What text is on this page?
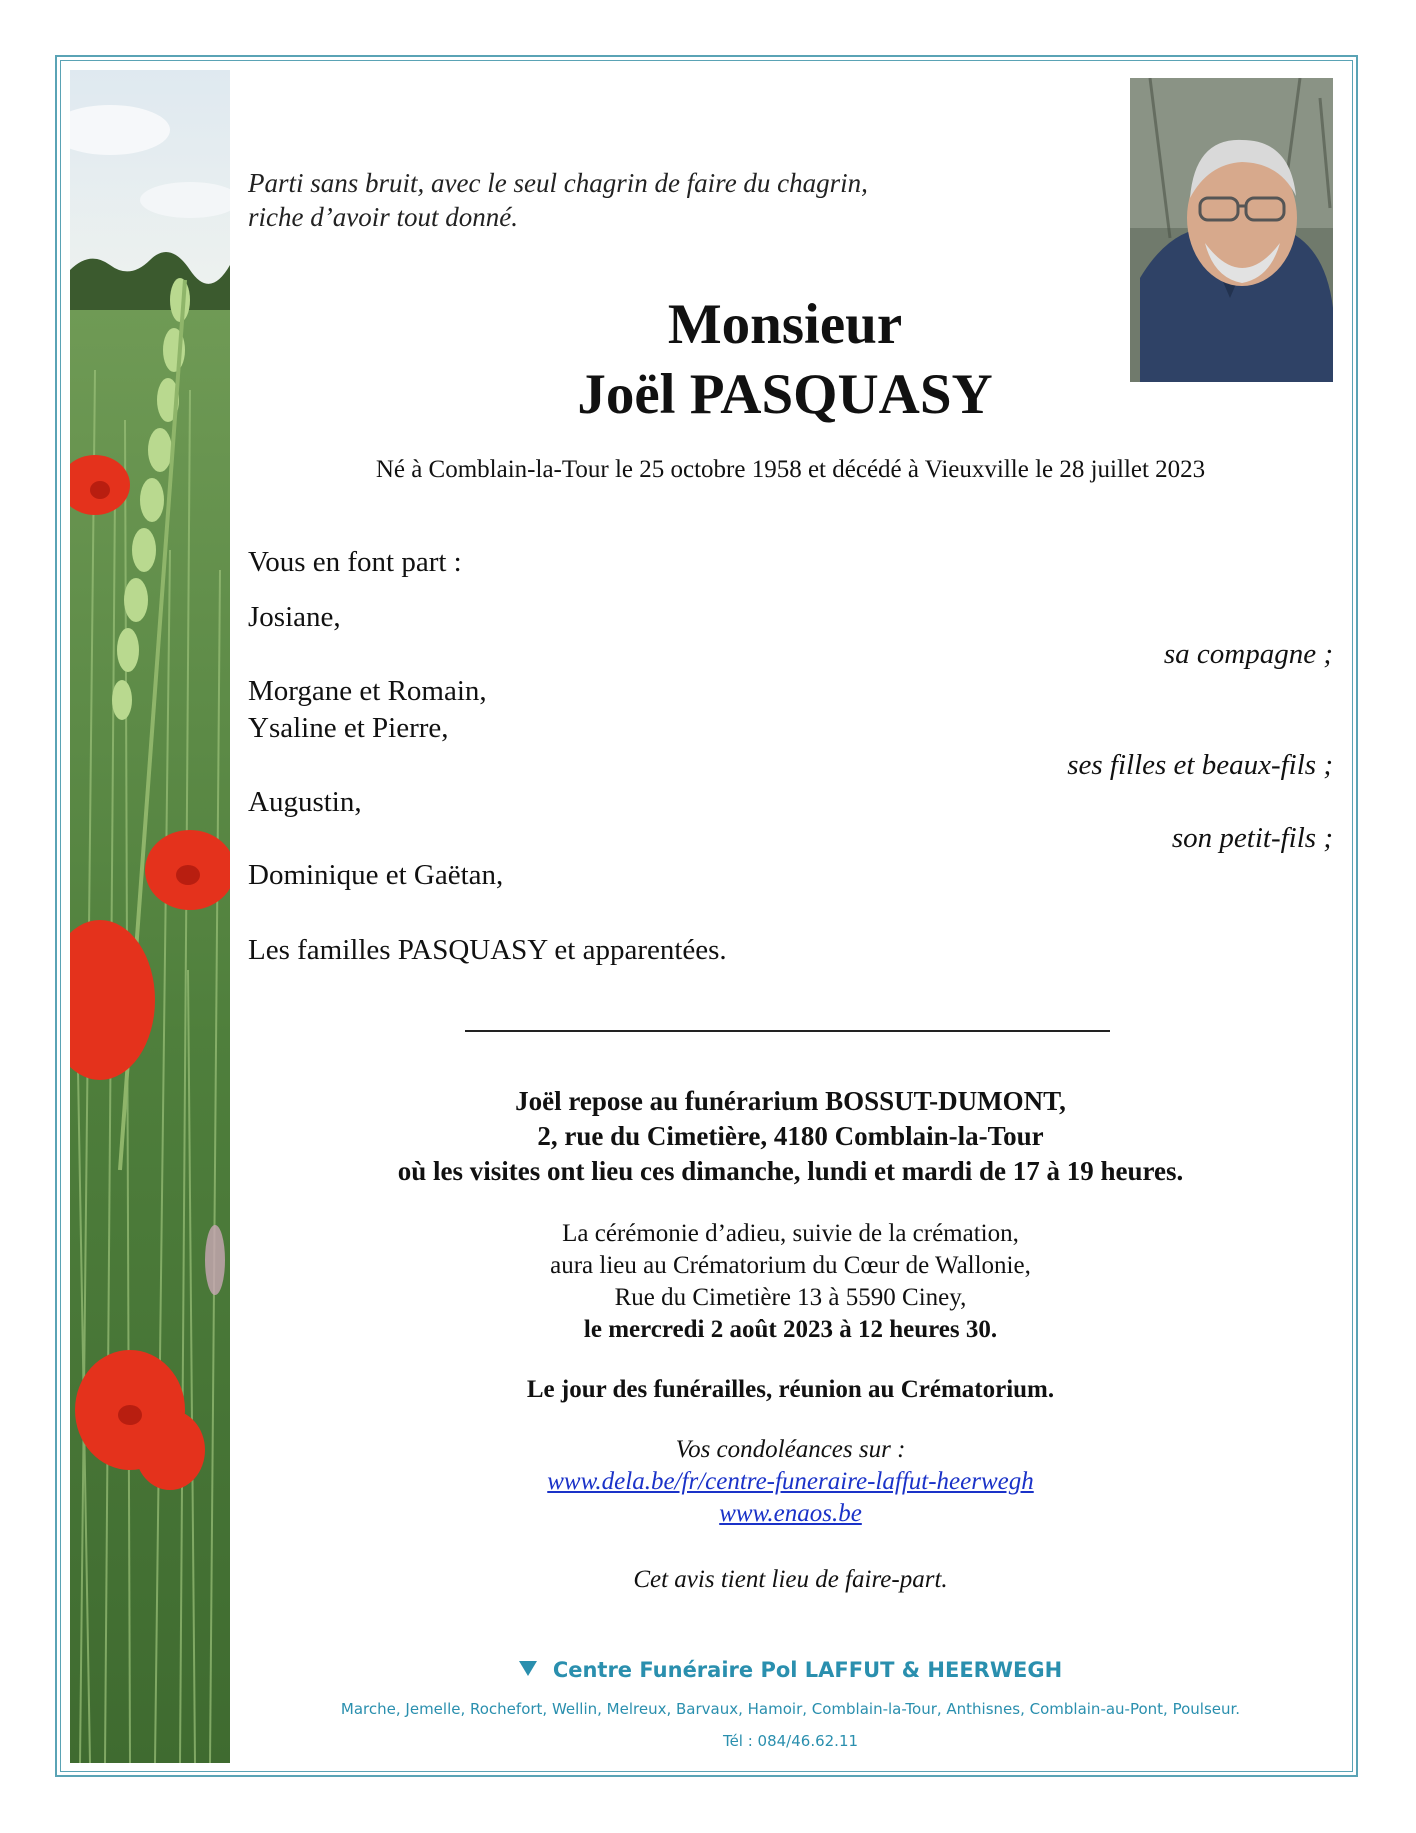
Parti sans bruit, avec le seul chagrin de faire du chagrin,
riche d’avoir tout donné.

Monsieur

Joël PASQUASY

Né à Comblain-la-Tour le 25 octobre 1958 et décédé à Vieuxville le 28 juillet 2023

Vous en font part :

Josiane,

sa compagne ;

Morgane et Romain,

Ysaline et Pierre,

ses filles et beaux-fils ;

Augustin,

son petit-fils ;

Dominique et Gaëtan,

Les familles PASQUASY et apparentées.

Joël repose au funérarium BOSSUT-DUMONT,
2, rue du Cimetière, 4180 Comblain-la-Tour
où les visites ont lieu ces dimanche, lundi et mardi de 17 à 19 heures.
La cérémonie d’adieu, suivie de la crémation,
aura lieu au Crématorium du Cœur de Wallonie,
Rue du Cimetière 13 à 5590 Ciney,
le mercredi 2 août 2023 à 12 heures 30.

Le jour des funérailles, réunion au Crématorium.

Vos condoléances sur :
www.dela.be/fr/centre-funeraire-laffut-heerwegh
www.enaos.be

Cet avis tient lieu de faire-part.

Centre Funéraire Pol LAFFUT & HEERWEGH

Marche, Jemelle, Rochefort, Wellin, Melreux, Barvaux, Hamoir, Comblain-la-Tour, Anthisnes, Comblain-au-Pont, Poulseur.

Tél : 084/46.62.11
